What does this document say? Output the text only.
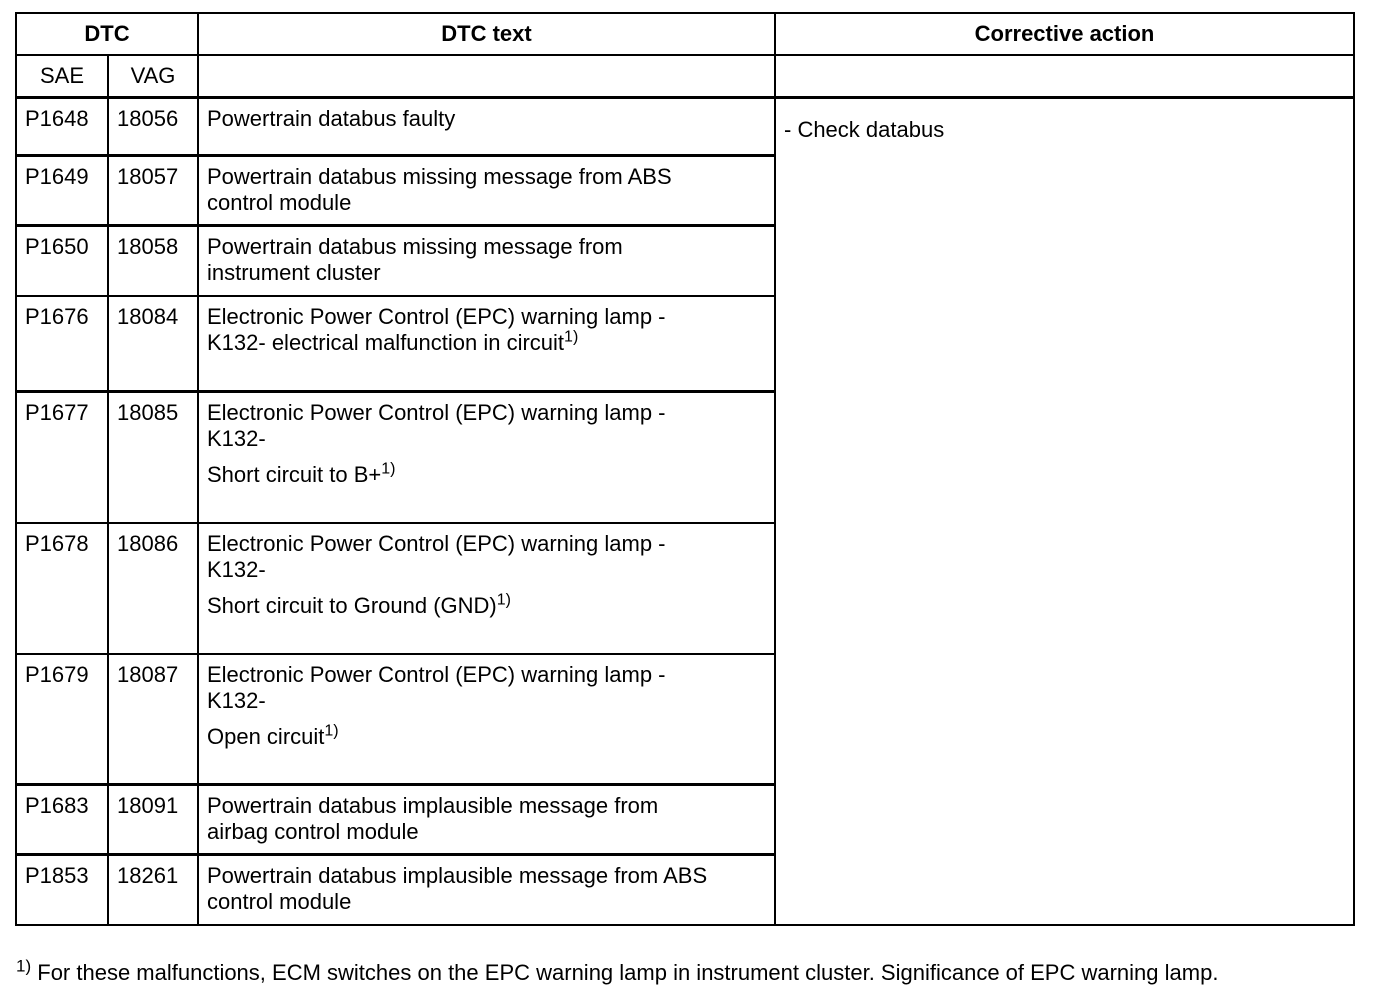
DTC		DTC text	Corrective action
SAE	VAG		
P1648	18056	Powertrain databus faulty	- Check databus
P1649	18057	Powertrain databus missing message from ABS
control module	
P1650	18058	Powertrain databus missing message from
instrument cluster	
P1676	18084	Electronic Power Control (EPC) warning lamp -
K132- electrical malfunction in circuit$^{1)}$
P1677	18085	Electronic Power Control (EPC) warning lamp -
K132-
Short circuit to B+$^{1)}$
P1678	18086	Electronic Power Control (EPC) warning lamp -
K132-
Short circuit to Ground (GND)$^{1)}$
P1679	18087	Electronic Power Control (EPC) warning lamp -
K132-
Open circuit$^{1)}$
P1683	18091	Powertrain databus implausible message from
airbag control module	
P1853	18261	Powertrain databus implausible message from ABS
control module	
$^{1)}$ For these malfunctions, ECM switches on the EPC warning lamp in instrument cluster. Significance of EPC warning lamp.
